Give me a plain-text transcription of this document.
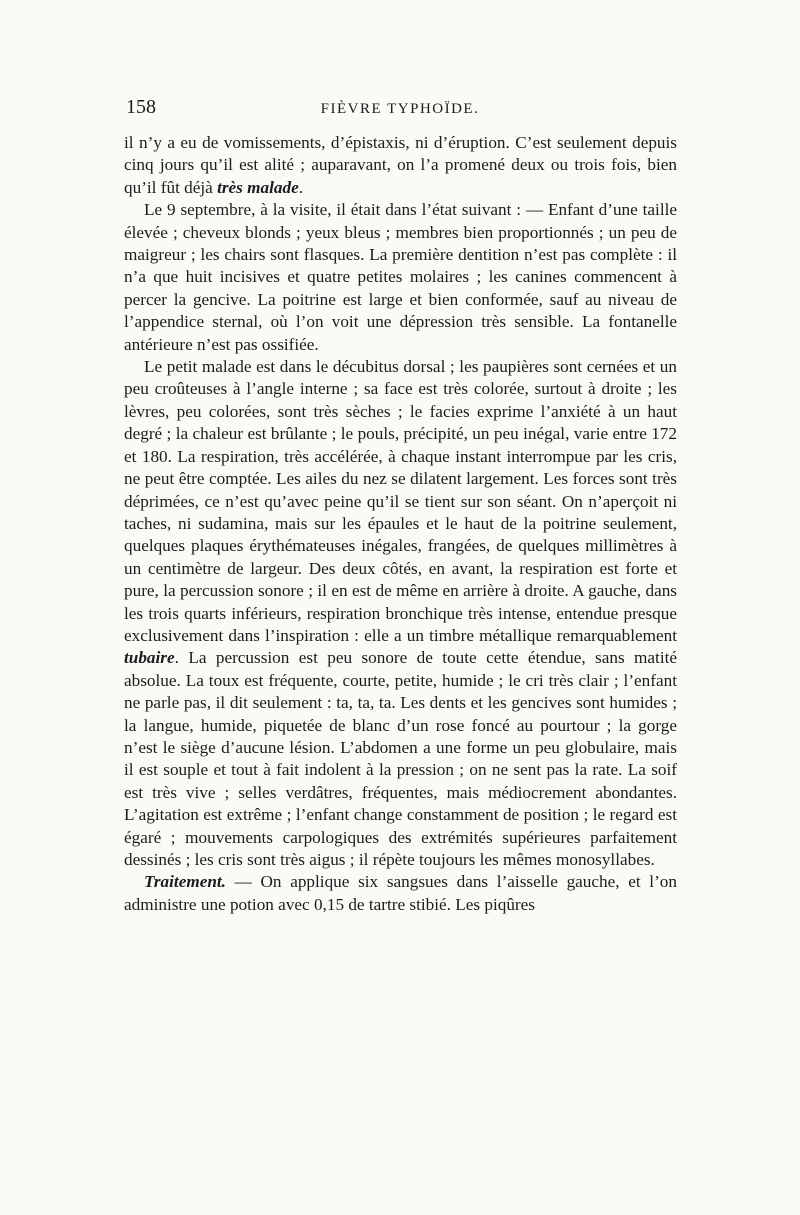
158	FIÈVRE TYPHOÏDE.

il n’y a eu de vomissements, d’épistaxis, ni d’éruption. C’est seulement depuis cinq jours qu’il est alité ; auparavant, on l’a promené deux ou trois fois, bien qu’il fût déjà très malade.

Le 9 septembre, à la visite, il était dans l’état suivant : — Enfant d’une taille élevée ; cheveux blonds ; yeux bleus ; membres bien proportionnés ; un peu de maigreur ; les chairs sont flasques. La première dentition n’est pas complète : il n’a que huit incisives et quatre petites molaires ; les canines commencent à percer la gencive. La poitrine est large et bien conformée, sauf au niveau de l’appendice sternal, où l’on voit une dépression très sensible. La fontanelle antérieure n’est pas ossifiée.

Le petit malade est dans le décubitus dorsal ; les paupières sont cernées et un peu croûteuses à l’angle interne ; sa face est très colorée, surtout à droite ; les lèvres, peu colorées, sont très sèches ; le facies exprime l’anxiété à un haut degré ; la chaleur est brûlante ; le pouls, précipité, un peu inégal, varie entre 172 et 180. La respiration, très accélérée, à chaque instant interrompue par les cris, ne peut être comptée. Les ailes du nez se dilatent largement. Les forces sont très déprimées, ce n’est qu’avec peine qu’il se tient sur son séant. On n’aperçoit ni taches, ni sudamina, mais sur les épaules et le haut de la poitrine seulement, quelques plaques érythémateuses inégales, frangées, de quelques millimètres à un centimètre de largeur. Des deux côtés, en avant, la respiration est forte et pure, la percussion sonore ; il en est de même en arrière à droite. A gauche, dans les trois quarts inférieurs, respiration bronchique très intense, entendue presque exclusivement dans l’inspiration : elle a un timbre métallique remarquablement tubaire. La percussion est peu sonore de toute cette étendue, sans matité absolue. La toux est fréquente, courte, petite, humide ; le cri très clair ; l’enfant ne parle pas, il dit seulement : ta, ta, ta. Les dents et les gencives sont humides ; la langue, humide, piquetée de blanc d’un rose foncé au pourtour ; la gorge n’est le siège d’aucune lésion. L’abdomen a une forme un peu globulaire, mais il est souple et tout à fait indolent à la pression ; on ne sent pas la rate. La soif est très vive ; selles verdâtres, fréquentes, mais médiocrement abondantes. L’agitation est extrême ; l’enfant change constamment de position ; le regard est égaré ; mouvements carpologiques des extrémités supérieures parfaitement dessinés ; les cris sont très aigus ; il répète toujours les mêmes monosyllabes.

Traitement. — On applique six sangsues dans l’aisselle gauche, et l’on administre une potion avec 0,15 de tartre stibié. Les piqûres
